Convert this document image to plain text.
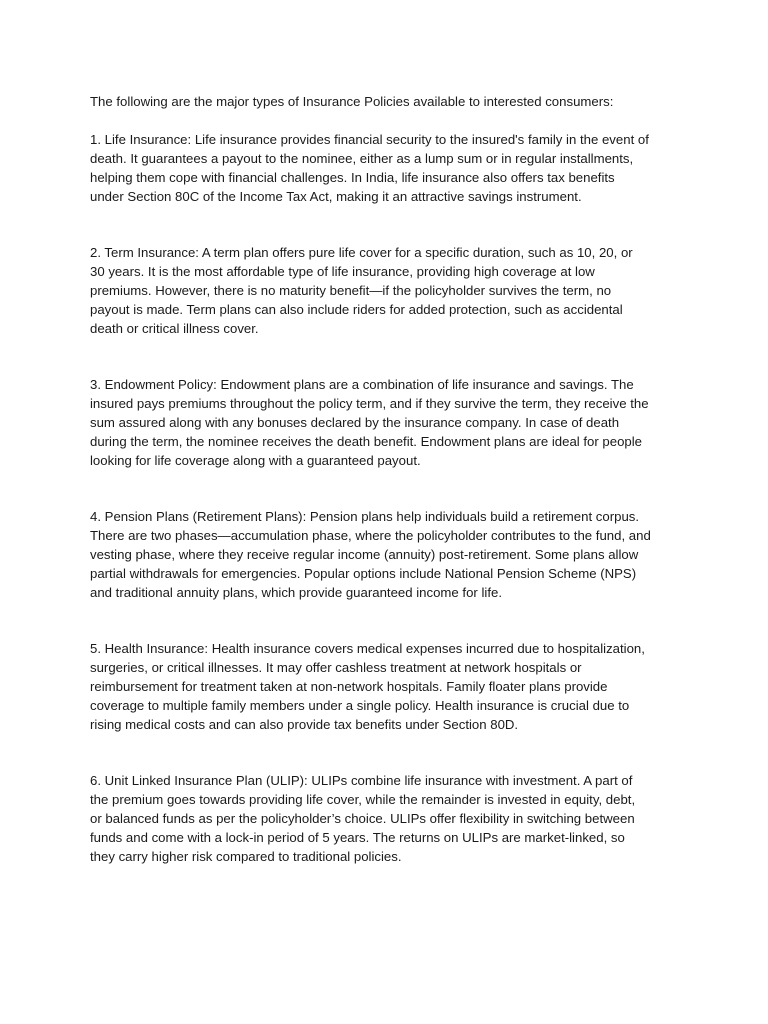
The following are the major types of Insurance Policies available to interested consumers:

1. Life Insurance: Life insurance provides financial security to the insured's family in the event of
death. It guarantees a payout to the nominee, either as a lump sum or in regular installments,
helping them cope with financial challenges. In India, life insurance also offers tax benefits
under Section 80C of the Income Tax Act, making it an attractive savings instrument.
2. Term Insurance: A term plan offers pure life cover for a specific duration, such as 10, 20, or
30 years. It is the most affordable type of life insurance, providing high coverage at low
premiums. However, there is no maturity benefit—if the policyholder survives the term, no
payout is made. Term plans can also include riders for added protection, such as accidental
death or critical illness cover.
3. Endowment Policy: Endowment plans are a combination of life insurance and savings. The
insured pays premiums throughout the policy term, and if they survive the term, they receive the
sum assured along with any bonuses declared by the insurance company. In case of death
during the term, the nominee receives the death benefit. Endowment plans are ideal for people
looking for life coverage along with a guaranteed payout.
4. Pension Plans (Retirement Plans): Pension plans help individuals build a retirement corpus.
There are two phases—accumulation phase, where the policyholder contributes to the fund, and
vesting phase, where they receive regular income (annuity) post-retirement. Some plans allow
partial withdrawals for emergencies. Popular options include National Pension Scheme (NPS)
and traditional annuity plans, which provide guaranteed income for life.
5. Health Insurance: Health insurance covers medical expenses incurred due to hospitalization,
surgeries, or critical illnesses. It may offer cashless treatment at network hospitals or
reimbursement for treatment taken at non-network hospitals. Family floater plans provide
coverage to multiple family members under a single policy. Health insurance is crucial due to
rising medical costs and can also provide tax benefits under Section 80D.
6. Unit Linked Insurance Plan (ULIP): ULIPs combine life insurance with investment. A part of
the premium goes towards providing life cover, while the remainder is invested in equity, debt,
or balanced funds as per the policyholder’s choice. ULIPs offer flexibility in switching between
funds and come with a lock-in period of 5 years. The returns on ULIPs are market-linked, so
they carry higher risk compared to traditional policies.
